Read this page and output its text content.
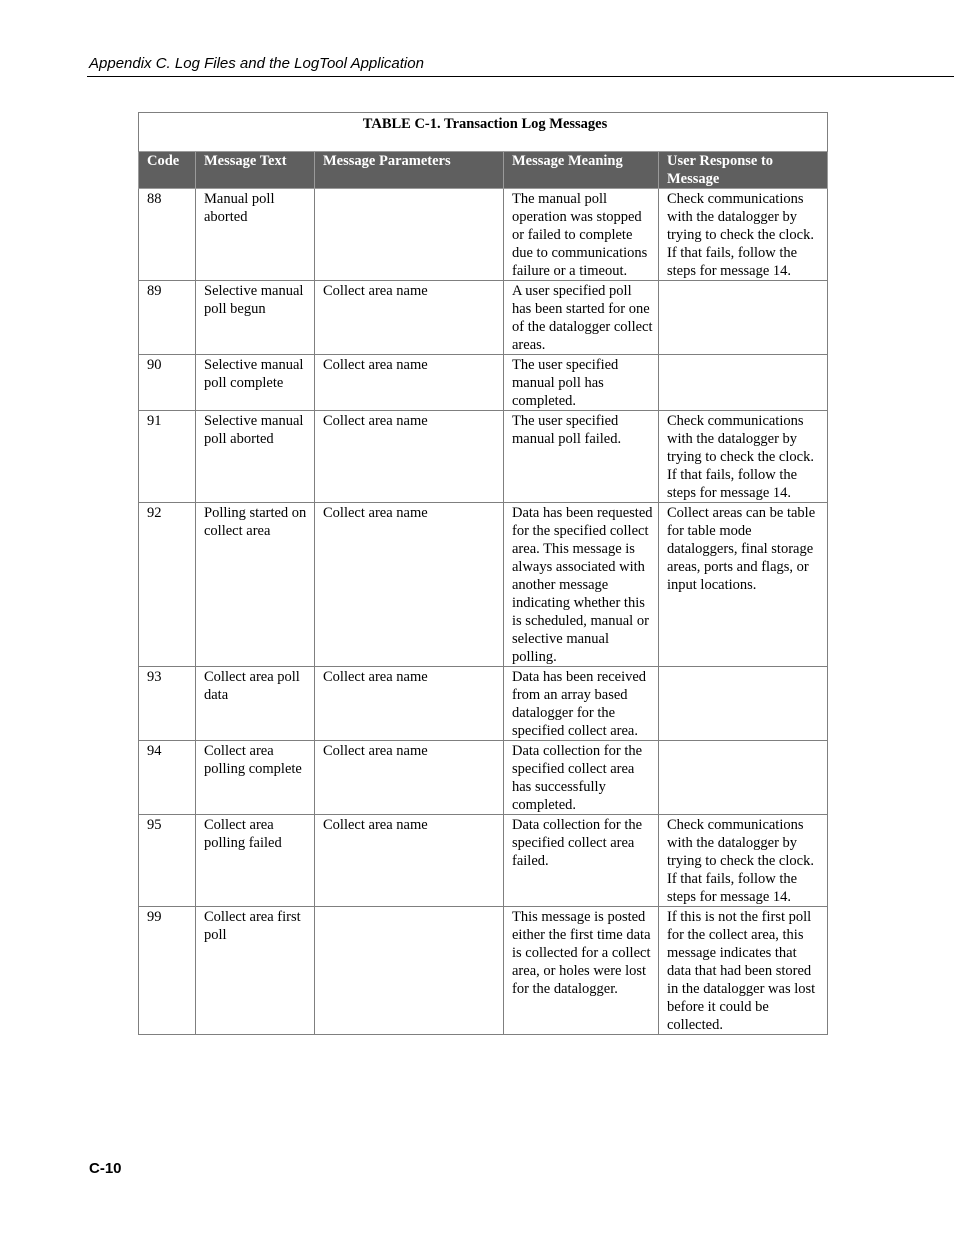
Appendix C. Log Files and the LogTool Application
TABLE C-1. Transaction Log Messages				
Code	Message Text	Message Parameters	Message Meaning	User Response to Message
88	Manual poll aborted		The manual poll operation was stopped or failed to complete due to communications failure or a timeout.	Check communications with the datalogger by trying to check the clock. If that fails, follow the steps for message 14.
89	Selective manual poll begun	Collect area name	A user specified poll has been started for one of the datalogger collect areas.	
90	Selective manual poll complete	Collect area name	The user specified manual poll has completed.	
91	Selective manual poll aborted	Collect area name	The user specified manual poll failed.	Check communications with the datalogger by trying to check the clock. If that fails, follow the steps for message 14.
92	Polling started on collect area	Collect area name	Data has been requested for the specified collect area. This message is always associated with another message indicating whether this is scheduled, manual or selective manual polling.	Collect areas can be table for table mode dataloggers, final storage areas, ports and flags, or input locations.
93	Collect area poll data	Collect area name	Data has been received from an array based datalogger for the specified collect area.	
94	Collect area polling complete	Collect area name	Data collection for the specified collect area has successfully completed.	
95	Collect area polling failed	Collect area name	Data collection for the specified collect area failed.	Check communications with the datalogger by trying to check the clock. If that fails, follow the steps for message 14.
99	Collect area first poll		This message is posted either the first time data is collected for a collect area, or holes were lost for the datalogger.	If this is not the first poll for the collect area, this message indicates that data that had been stored in the datalogger was lost before it could be collected.
C-10
